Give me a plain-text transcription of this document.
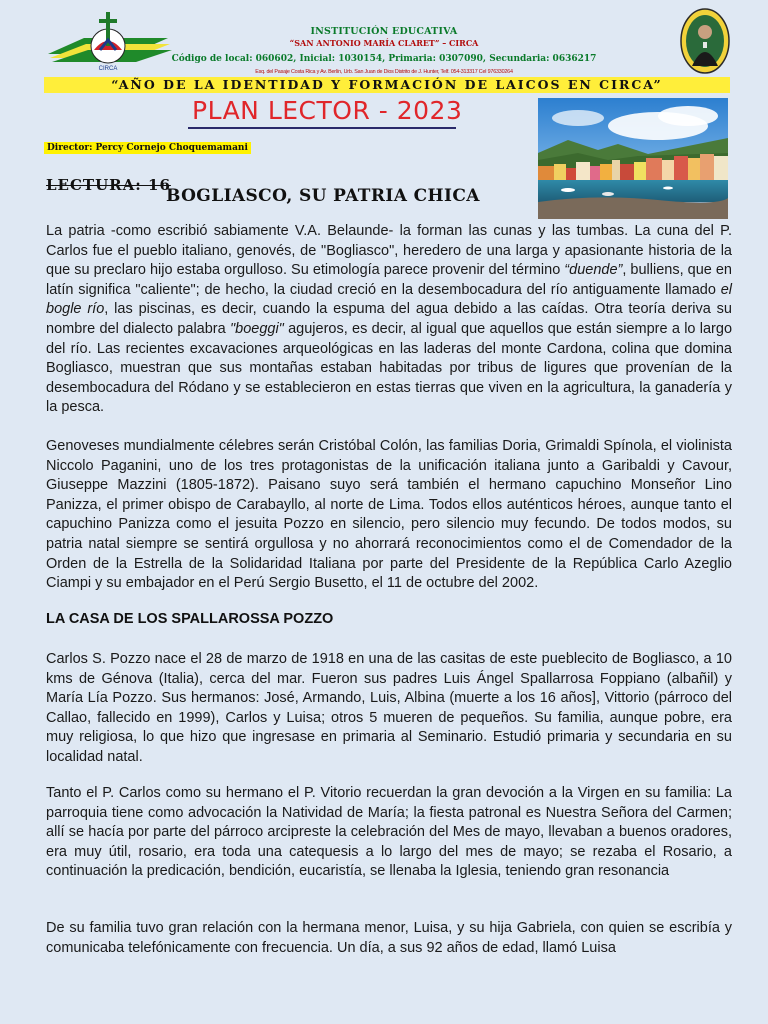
CIRCA
INSTITUCIÓN EDUCATIVA
“SAN ANTONIO MARÍA CLARET” – CIRCA
Código de local: 060602, Inicial: 1030154, Primaria: 0307090, Secundaria: 0636217
Esq. del Pasaje Costa Rica y Av. Berlín, Urb. San Juan de Dios Distrito de J. Hunter, Telf. 054-313317 Cel 976330264
“AÑO DE LA IDENTIDAD Y FORMACIÓN DE LAICOS EN CIRCA”
PLAN LECTOR - 2023
Director: Percy Cornejo Choquemamani
LECTURA: 16
BOGLIASCO, SU PATRIA CHICA

La patria -como escribió sabiamente V.A. Belaunde- la forman las cunas y las tumbas. La cuna del P. Carlos fue el pueblo italiano, genovés, de "Bogliasco", heredero de una larga y apasionante historia de la que su preclaro hijo estaba orgulloso. Su etimología parece provenir del término “duende”, bulliens, que en latín significa "caliente"; de hecho, la ciudad creció en la desembocadura del río antiguamente llamado el bogle río, las piscinas, es decir, cuando la espuma del agua debido a las caídas. Otra teoría deriva su nombre del dialecto palabra "boeggi" agujeros, es decir, al igual que aquellos que están siempre a lo largo del río. Las recientes excavaciones arqueológicas en las laderas del monte Cardona, colina que domina Bogliasco, muestran que sus montañas estaban habitadas por tribus de ligures que provenían de la desembocadura del Ródano y se establecieron en estas tierras que viven en la agricultura, la ganadería y la pesca.

Genoveses mundialmente célebres serán Cristóbal Colón, las familias Doria, Grimaldi Spínola, el violinista Niccolo Paganini, uno de los tres protagonistas de la unificación italiana junto a Garibaldi y Cavour, Giuseppe Mazzini (1805-1872). Paisano suyo será también el hermano capuchino Monseñor Lino Panizza, el primer obispo de Carabayllo, al norte de Lima. Todos ellos auténticos héroes, aunque tanto el capuchino Panizza como el jesuita Pozzo en silencio, pero silencio muy fecundo. De todos modos, su patria natal siempre se sentirá orgullosa y no ahorrará reconocimientos como el de Comendador de la Orden de la Estrella de la Solidaridad Italiana por parte del Presidente de la República Carlo Azeglio Ciampi y su embajador en el Perú Sergio Busetto, el 11 de octubre del 2002.

LA CASA DE LOS SPALLAROSSA POZZO

Carlos S. Pozzo nace el 28 de marzo de 1918 en una de las casitas de este pueblecito de Bogliasco, a 10 kms de Génova (Italia), cerca del mar. Fueron sus padres Luis Ángel Spallarrosa Foppiano (albañil) y María Lía Pozzo. Sus hermanos: José, Armando, Luis, Albina (muerte a los 16 años], Vittorio (párroco del Callao, fallecido en 1999), Carlos y Luisa; otros 5 mueren de pequeños. Su familia, aunque pobre, era muy religiosa, lo que hizo que ingresase en primaria al Seminario. Estudió primaria y secundaria en su localidad natal.

Tanto el P. Carlos como su hermano el P. Vitorio recuerdan la gran devoción a la Virgen en su familia: La parroquia tiene como advocación la Natividad de María; la fiesta patronal es Nuestra Señora del Carmen; allí se hacía por parte del párroco arcipreste la celebración del Mes de mayo, llevaban a buenos oradores, era muy útil, rosario, era toda una catequesis a lo largo del mes de mayo; se rezaba el Rosario, a continuación la predicación, bendición, eucaristía, se llenaba la Iglesia, teniendo gran resonancia

De su familia tuvo gran relación con la hermana menor, Luisa, y su hija Gabriela, con quien se escribía y comunicaba telefónicamente con frecuencia. Un día, a sus 92 años de edad, llamó Luisa
